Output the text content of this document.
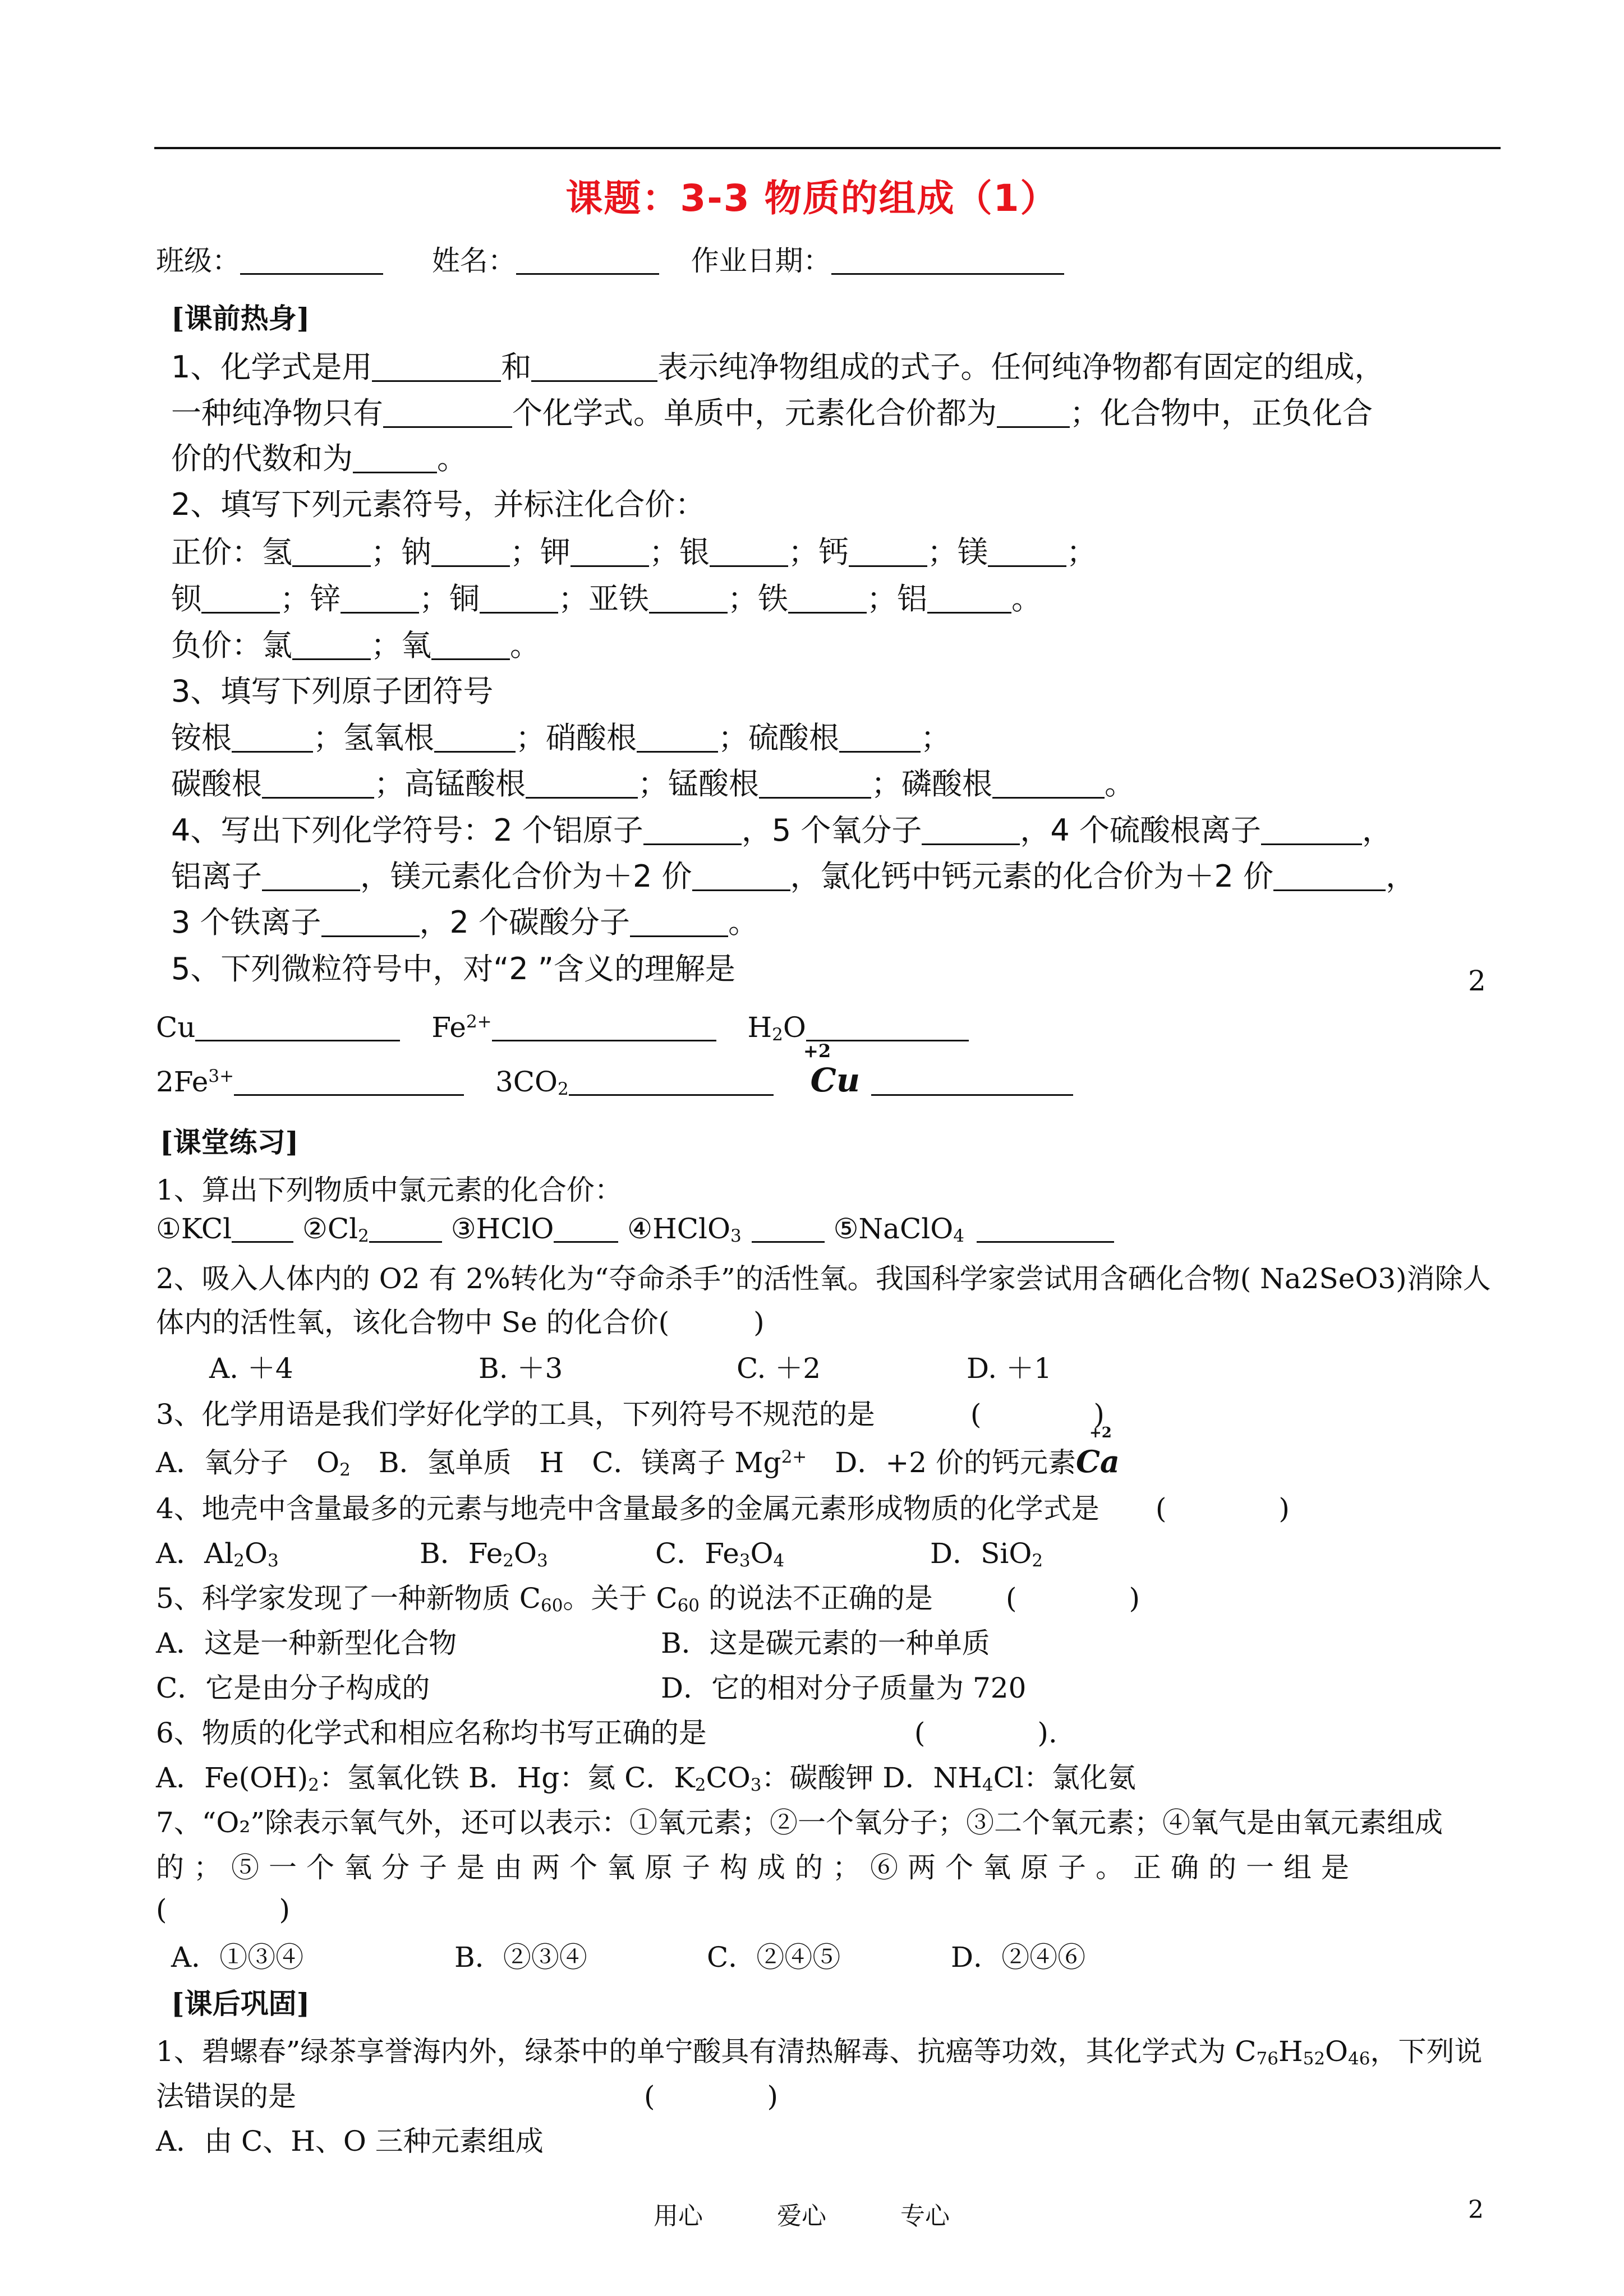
课题：3-3 物质的组成（1）
班级：	姓名：	作业日期：
[课前热身]
1、化学式是用	和	表示纯净物组成的式子。任何纯净物都有固定的组成，
一种纯净物只有	个化学式。单质中，元素化合价都为 ；化合物中，正负化合
价的代数和为	。
2、填写下列元素符号，并标注化合价：
正价：氢	；钠	；钾	；银	；钙	；镁	；
钡	；锌	；铜	；亚铁	；铁	；铝	。
负价：氯	；氧	。
3、填写下列原子团符号
铵根	；氢氧根	；硝酸根	；硫酸根	；
碳酸根	；高锰酸根	；锰酸根	；磷酸根	。
4、写出下列化学符号：2 个铝原子	，5 个氧分子	，4 个硫酸根离子	，
铝离子	，镁元素化合价为＋2 价	，氯化钙中钙元素的化合价为＋2 价	，
3 个铁离子	，2 个碳酸分子	。
5、下列微粒符号中，对“2 ”含义的理解是	2
Cu	$Fe^{2+}$	$H_2O$
+2
$2Fe^{3+}$	$3CO_2$	Cu
[课堂练习]
1、算出下列物质中氯元素的化合价：
①KCl	$②Cl_2$	③HClO	④HClO$_3$	⑤NaClO$_4$
2、吸入人体内的 O2 有 2%转化为“夺命杀手”的活性氧。我国科学家尝试用含硒化合物( Na2SeO3)消除人
体内的活性氧，该化合物中 Se 的化合价(　　　)
A. ＋4	B. ＋3	C. ＋2	D. ＋1
3、化学用语是我们学好化学的工具，下列符号不规范的是	(　　　　)
+2
A．氧分子　$O_2$ B．氢单质　H C．镁离子 $Mg^{2+}$ D．+2 价的钙元素Ca
4、地壳中含量最多的元素与地壳中含量最多的金属元素形成物质的化学式是 (　　　　)
A．$Al_2O_3$	B．$Fe_2O_3$	C．$Fe_3O_4$	D．SiO$_2$
5、科学家发现了一种新物质 $C_{60}$。关于 $C_{60}$ 的说法不正确的是	(　　　　)
A．这是一种新型化合物	B．这是碳元素的一种单质
C．它是由分子构成的	D．它的相对分子质量为 720
6、物质的化学式和相应名称均书写正确的是	(　　　　).
A．$Fe(OH)_2$：氢氧化铁 B．Hg：氦 C．$K_2CO_3$：碳酸钾 D．$NH_4Cl$：氯化氨
7、“O₂”除表示氧气外，还可以表示：①氧元素；②一个氧分子；③二个氧元素；④氧气是由氧元素组成
的；⑤一个氧分子是由两个氧原子构成的；⑥两个氧原子。正确的一组是
(　　　　)
A．①③④	B．②③④	C．②④⑤	D．②④⑥
[课后巩固]
1、碧螺春”绿茶享誉海内外，绿茶中的单宁酸具有清热解毒、抗癌等功效，其化学式为 $C_{76}H_{52}O_{46}$，下列说
法错误的是	(　　　　)
A．由 C、H、O 三种元素组成
用心　　　爱心　　　专心	2
